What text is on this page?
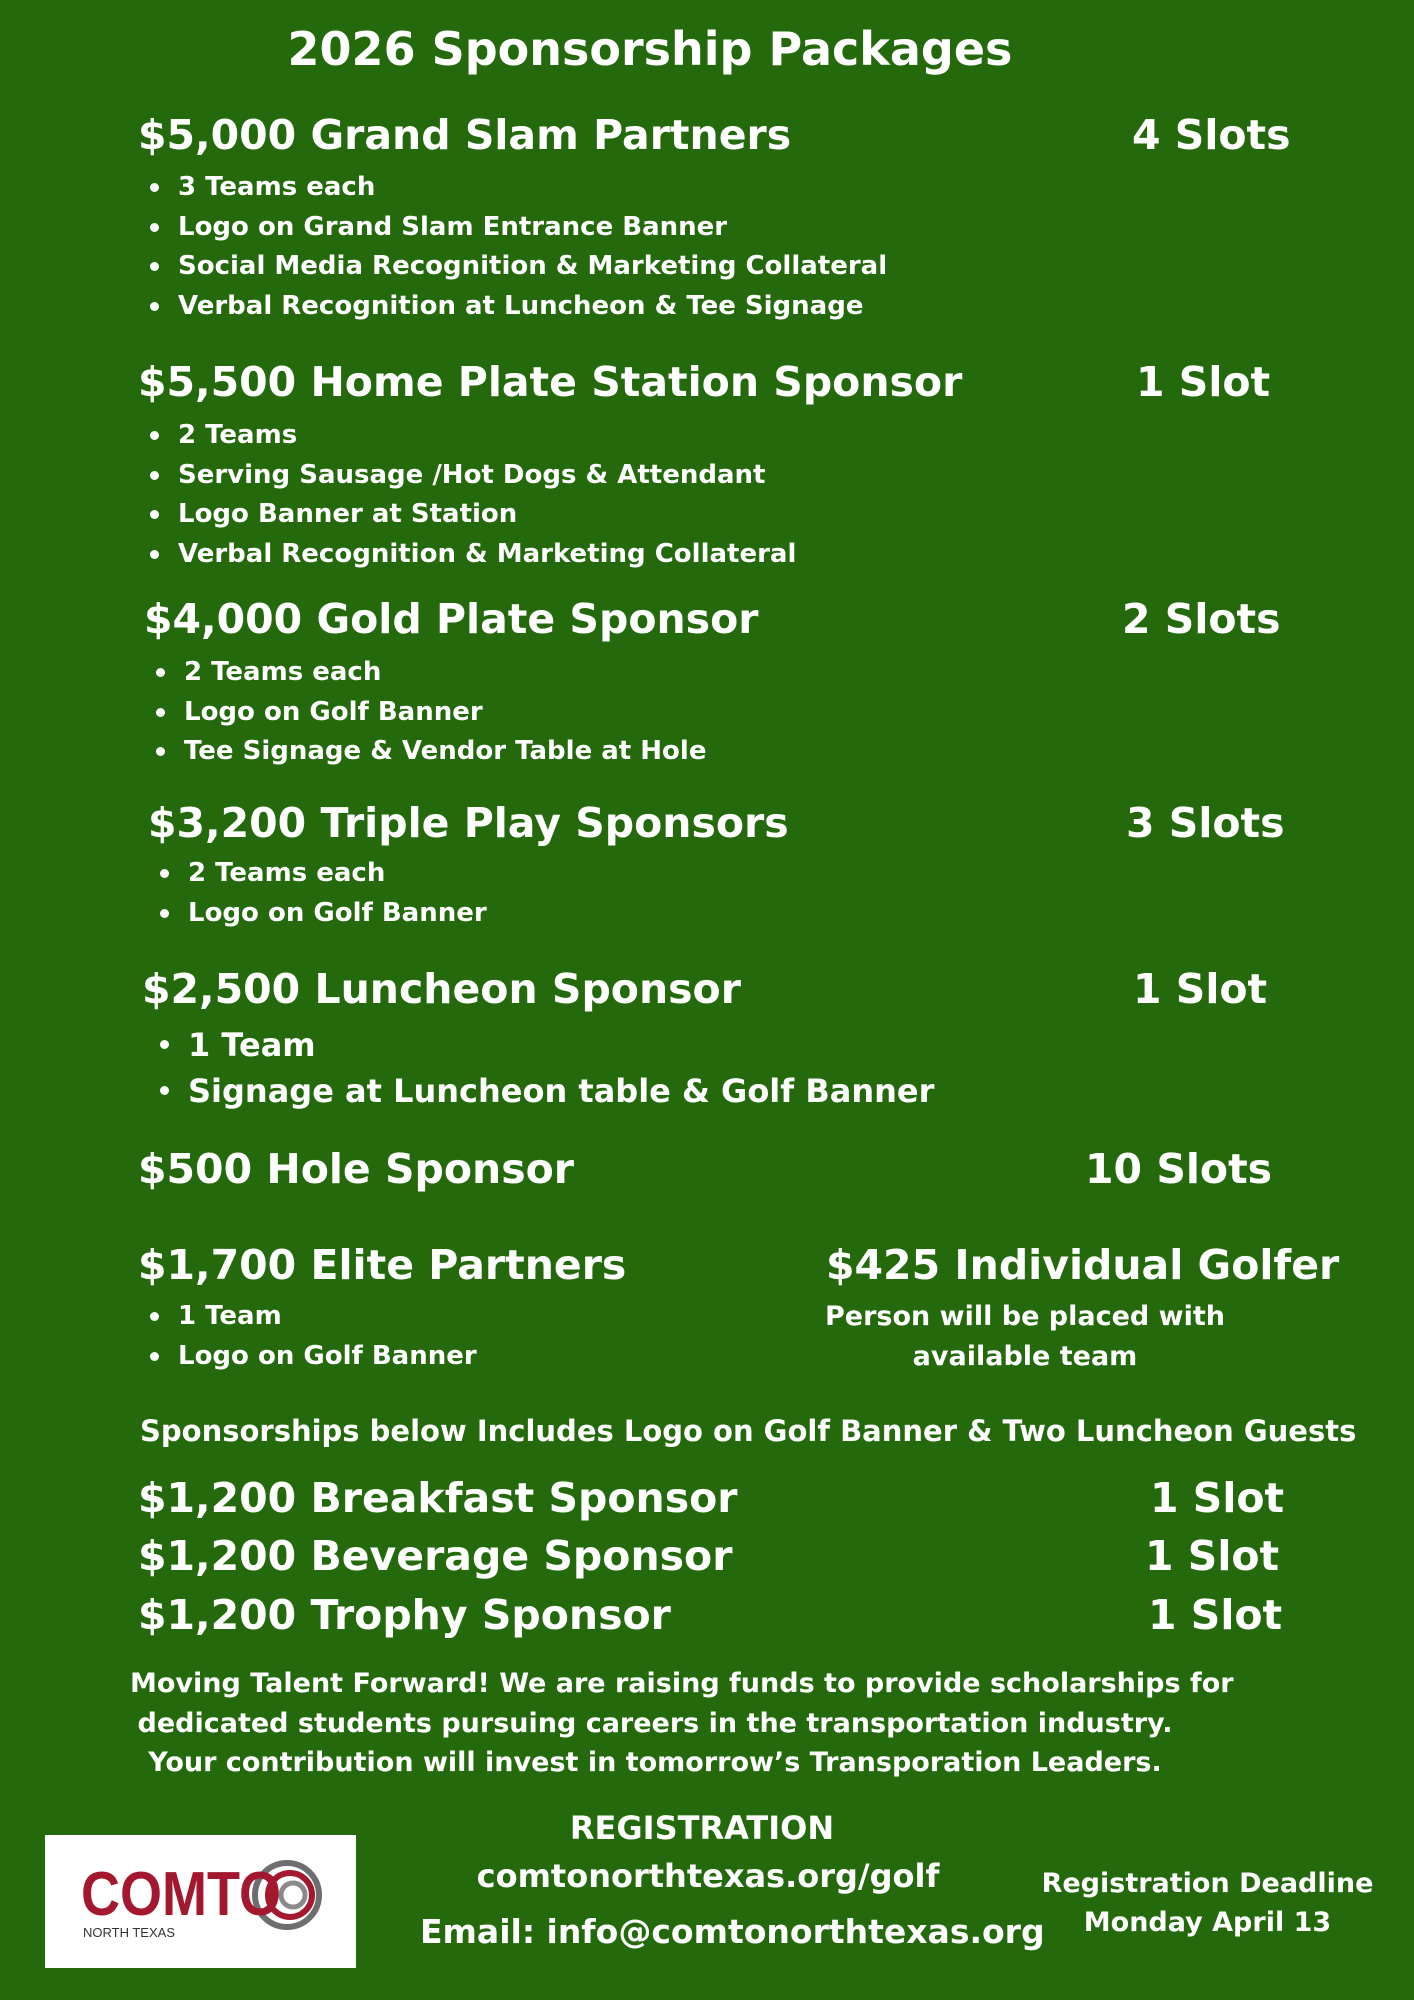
2026 Sponsorship Packages
$5,000 Grand Slam Partners	4 Slots
3 Teams each
Logo on Grand Slam Entrance Banner
Social Media Recognition & Marketing Collateral
Verbal Recognition at Luncheon & Tee Signage
$5,500 Home Plate Station Sponsor	1 Slot
2 Teams
Serving Sausage /Hot Dogs & Attendant
Logo Banner at Station
Verbal Recognition & Marketing Collateral
$4,000 Gold Plate Sponsor	2 Slots
2 Teams each
Logo on Golf Banner
Tee Signage & Vendor Table at Hole
$3,200 Triple Play Sponsors	3 Slots
2 Teams each
Logo on Golf Banner
$2,500 Luncheon Sponsor	1 Slot
1 Team
Signage at Luncheon table & Golf Banner
$500 Hole Sponsor	10 Slots
$1,700 Elite Partners
1 Team
Logo on Golf Banner
$425 Individual Golfer
Person will be placed with
available team
Sponsorships below Includes Logo on Golf Banner & Two Luncheon Guests
$1,200 Breakfast Sponsor	1 Slot
$1,200 Beverage Sponsor	1 Slot
$1,200 Trophy Sponsor	1 Slot
Moving Talent Forward! We are raising funds to provide scholarships for
dedicated students pursuing careers in the transportation industry.
Your contribution will invest in tomorrow’s Transporation Leaders.
COMTO
NORTH TEXAS
REGISTRATION
comtonorthtexas.org/golf
Email: info@comtonorthtexas.org
Registration Deadline
Monday April 13
